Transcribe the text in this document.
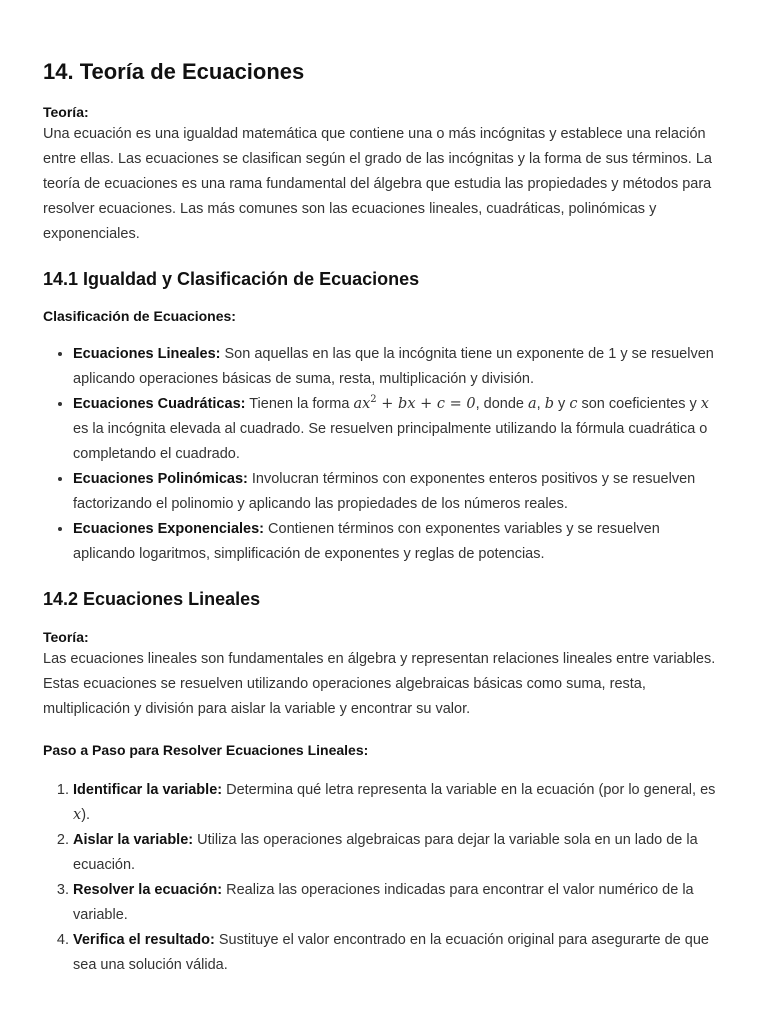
14. Teoría de Ecuaciones
Teoría:

Una ecuación es una igualdad matemática que contiene una o más incógnitas y establece una relación entre ellas. Las ecuaciones se clasifican según el grado de las incógnitas y la forma de sus términos. La teoría de ecuaciones es una rama fundamental del álgebra que estudia las propiedades y métodos para resolver ecuaciones. Las más comunes son las ecuaciones lineales, cuadráticas, polinómicas y exponenciales.

14.1 Igualdad y Clasificación de Ecuaciones
Clasificación de Ecuaciones:
• Ecuaciones Lineales: Son aquellas en las que la incógnita tiene un exponente de 1 y se resuelven aplicando operaciones básicas de suma, resta, multiplicación y división.
• Ecuaciones Cuadráticas: Tienen la forma $ax^2$ + bx + c = 0, donde a, b y c son coeficientes y x es la incógnita elevada al cuadrado. Se resuelven principalmente utilizando la fórmula cuadrática o completando el cuadrado.
• Ecuaciones Polinómicas: Involucran términos con exponentes enteros positivos y se resuelven factorizando el polinomio y aplicando las propiedades de los números reales.
• Ecuaciones Exponenciales: Contienen términos con exponentes variables y se resuelven aplicando logaritmos, simplificación de exponentes y reglas de potencias.
14.2 Ecuaciones Lineales
Teoría:

Las ecuaciones lineales son fundamentales en álgebra y representan relaciones lineales entre variables. Estas ecuaciones se resuelven utilizando operaciones algebraicas básicas como suma, resta, multiplicación y división para aislar la variable y encontrar su valor.

Paso a Paso para Resolver Ecuaciones Lineales:
1. Identificar la variable: Determina qué letra representa la variable en la ecuación (por lo general, es x).
2. Aislar la variable: Utiliza las operaciones algebraicas para dejar la variable sola en un lado de la ecuación.
3. Resolver la ecuación: Realiza las operaciones indicadas para encontrar el valor numérico de la variable.
4. Verifica el resultado: Sustituye el valor encontrado en la ecuación original para asegurarte de que sea una solución válida.
